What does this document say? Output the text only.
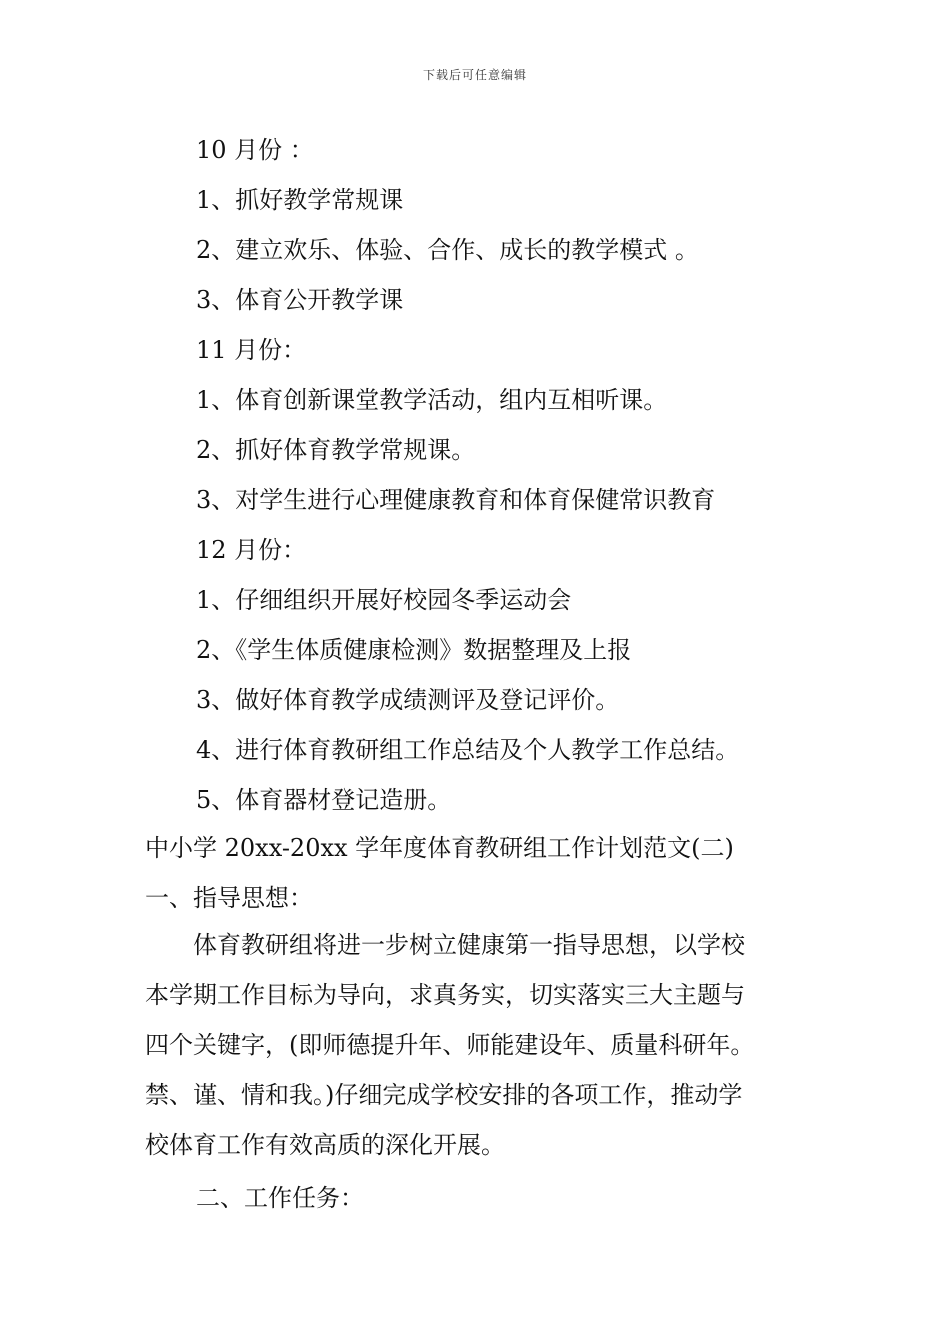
下载后可任意编辑
10 月份 ：
1、抓好教学常规课
2、建立欢乐、体验、合作、成长的教学模式 。
3、体育公开教学课
11 月份：
1、体育创新课堂教学活动，组内互相听课。
2、抓好体育教学常规课。
3、对学生进行心理健康教育和体育保健常识教育
12 月份：
1、仔细组织开展好校园冬季运动会
2、《学生体质健康检测》数据整理及上报
3、做好体育教学成绩测评及登记评价。
4、进行体育教研组工作总结及个人教学工作总结。
5、体育器材登记造册。
中小学 20xx-20xx 学年度体育教研组工作计划范文(二)
一、指导思想：
　　体育教研组将进一步树立健康第一指导思想，以学校
本学期工作目标为导向，求真务实，切实落实三大主题与
四个关键字，(即师德提升年、师能建设年、质量科研年。
禁、谨、情和我。)仔细完成学校安排的各项工作，推动学
校体育工作有效高质的深化开展。
二、工作任务：
